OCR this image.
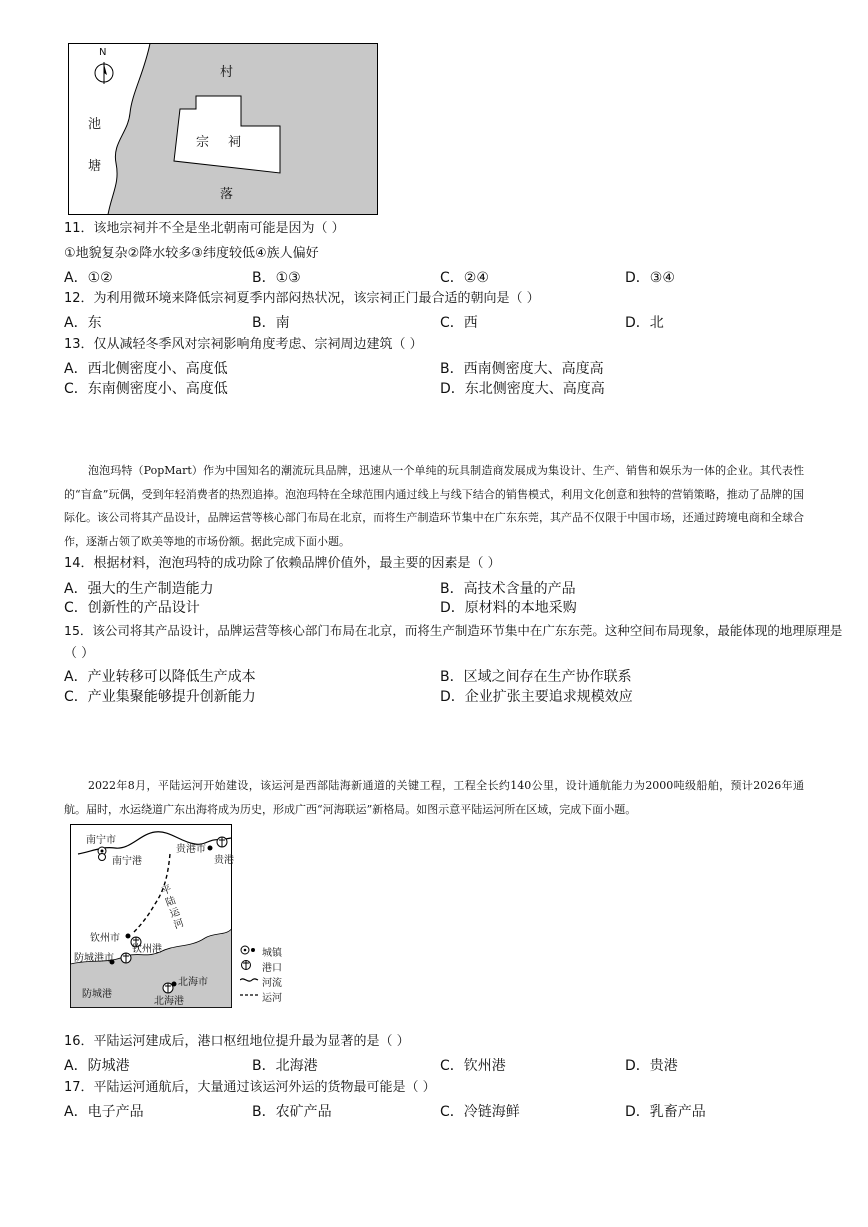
N
村
落
池
塘
宗 祠
11．该地宗祠并不全是坐北朝南可能是因为（ ）
①地貌复杂②降水较多③纬度较低④族人偏好
A．①②	B．①③	C．②④	D．③④
12．为利用微环境来降低宗祠夏季内部闷热状况，该宗祠正门最合适的朝向是（ ）
A．东	B．南	C．西	D．北
13．仅从减轻冬季风对宗祠影响角度考虑、宗祠周边建筑（ ）
A．西北侧密度小、高度低	B．西南侧密度大、高度高
C．东南侧密度小、高度低	D．东北侧密度大、高度高
泡泡玛特（PopMart）作为中国知名的潮流玩具品牌，迅速从一个单纯的玩具制造商发展成为集设计、生产、销售和娱乐为一体的企业。其代表性的“盲盒”玩偶，受到年轻消费者的热烈追捧。泡泡玛特在全球范围内通过线上与线下结合的销售模式，利用文化创意和独特的营销策略，推动了品牌的国际化。该公司将其产品设计，品牌运营等核心部门布局在北京，而将生产制造环节集中在广东东莞，其产品不仅限于中国市场，还通过跨境电商和全球合作，逐渐占领了欧美等地的市场份额。据此完成下面小题。
14．根据材料，泡泡玛特的成功除了依赖品牌价值外，最主要的因素是（ ）
A．强大的生产制造能力	B．高技术含量的产品
C．创新性的产品设计	D．原材料的本地采购
15．该公司将其产品设计，品牌运营等核心部门布局在北京，而将生产制造环节集中在广东东莞。这种空间布局现象，最能体现的地理原理是
（ ）
A．产业转移可以降低生产成本	B．区域之间存在生产协作联系
C．产业集聚能够提升创新能力	D．企业扩张主要追求规模效应
2022年8月，平陆运河开始建设，该运河是西部陆海新通道的关键工程，工程全长约140公里，设计通航能力为2000吨级船舶，预计2026年通航。届时，水运绕道广东出海将成为历史，形成广西“河海联运”新格局。如图示意平陆运河所在区域，完成下面小题。
南宁市
南宁港
贵港市
贵港
平陆运河
钦州市
钦州港
防城港市
防城港
北海市
北海港
城镇
港口
河流
运河
16．平陆运河建成后，港口枢纽地位提升最为显著的是（ ）
A．防城港	B．北海港	C．钦州港	D．贵港
17．平陆运河通航后，大量通过该运河外运的货物最可能是（ ）
A．电子产品	B．农矿产品	C．冷链海鲜	D．乳畜产品
